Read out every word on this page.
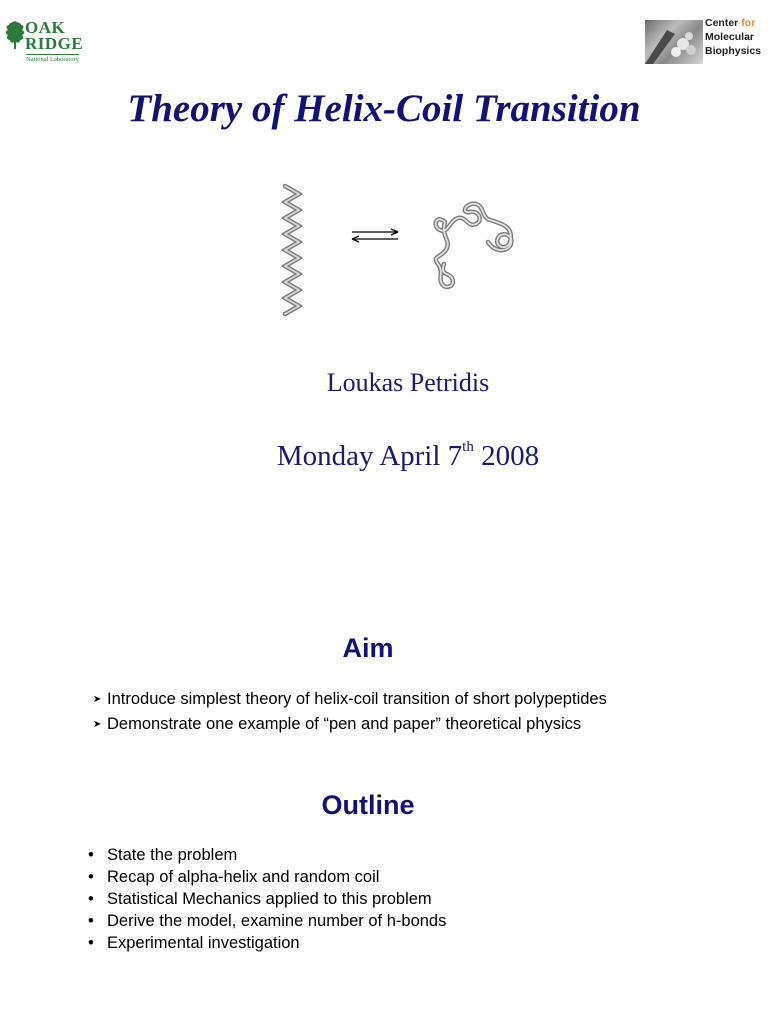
OAK
RIDGE
National Laboratory
Center for
Molecular
Biophysics
Theory of Helix-Coil Transition
Loukas Petridis
Monday April 7th 2008
Aim
➤ Introduce simplest theory of helix-coil transition of short polypeptides
➤ Demonstrate one example of “pen and paper” theoretical physics
Outline
• State the problem
• Recap of alpha-helix and random coil
• Statistical Mechanics applied to this problem
• Derive the model, examine number of h-bonds
• Experimental investigation
